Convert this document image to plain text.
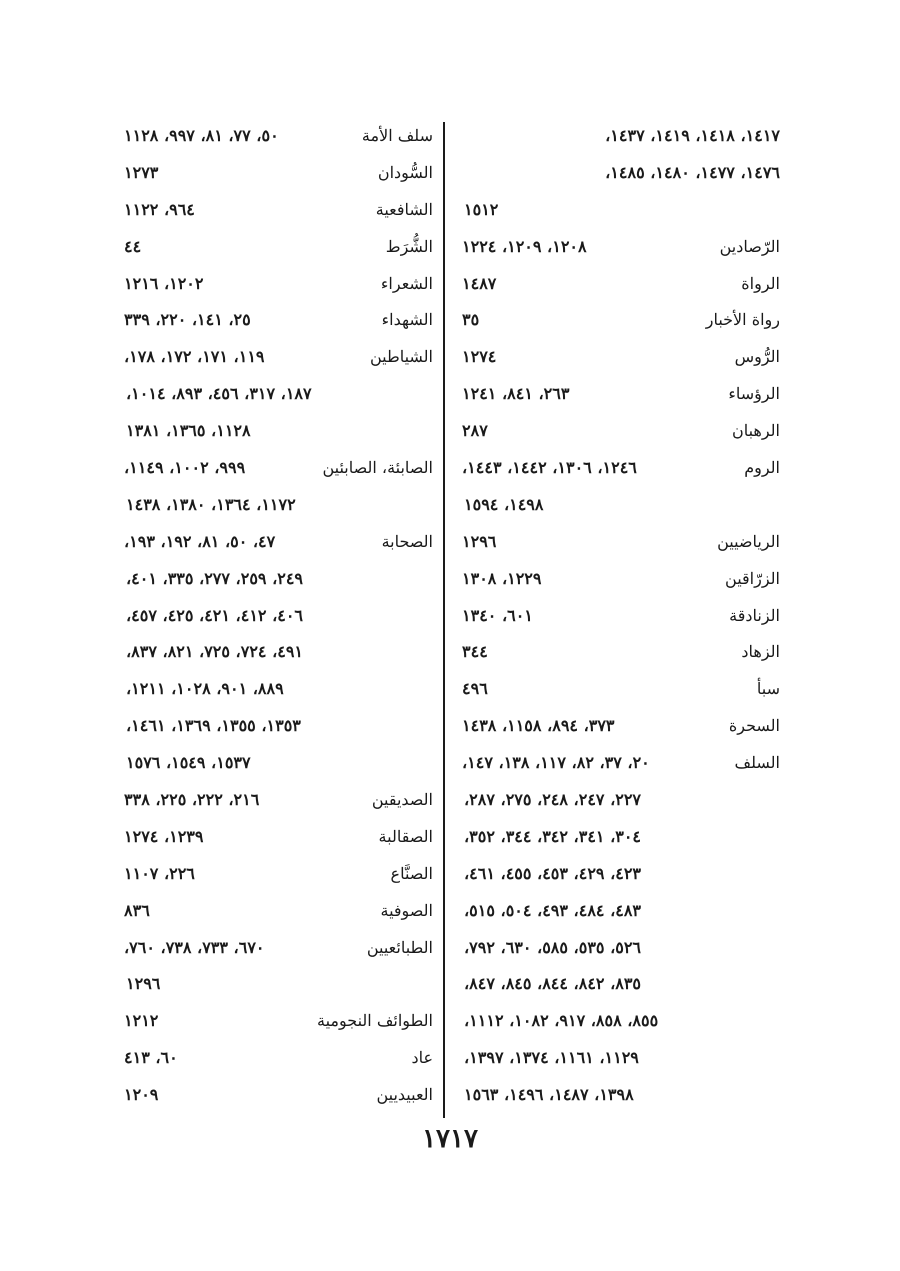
١٤١٧، ١٤١٨، ١٤١٩، ١٤٣٧،
١٤٧٦، ١٤٧٧، ١٤٨٠، ١٤٨٥،
١٥١٢
الرّصادين
١٢٠٨، ١٢٠٩، ١٢٢٤
الرواة
١٤٨٧
رواة الأخبار
٣٥
الرُّوس
١٢٧٤
الرؤساء
٢٦٣، ٨٤١، ١٢٤١
الرهبان
٢٨٧
الروم
١٢٤٦، ١٣٠٦، ١٤٤٢، ١٤٤٣،
١٤٩٨، ١٥٩٤
الرياضيين
١٢٩٦
الزرّاقين
١٢٢٩، ١٣٠٨
الزنادقة
٦٠١، ١٣٤٠
الزهاد
٣٤٤
سبأ
٤٩٦
السحرة
٣٧٣، ٨٩٤، ١١٥٨، ١٤٣٨
السلف
٢٠، ٣٧، ٨٢، ١١٧، ١٣٨، ١٤٧،
٢٢٧، ٢٤٧، ٢٤٨، ٢٧٥، ٢٨٧،
٣٠٤، ٣٤١، ٣٤٢، ٣٤٤، ٣٥٢،
٤٢٣، ٤٢٩، ٤٥٣، ٤٥٥، ٤٦١،
٤٨٣، ٤٨٤، ٤٩٣، ٥٠٤، ٥١٥،
٥٢٦، ٥٣٥، ٥٨٥، ٦٣٠، ٧٩٢،
٨٣٥، ٨٤٢، ٨٤٤، ٨٤٥، ٨٤٧،
٨٥٥، ٨٥٨، ٩١٧، ١٠٨٢، ١١١٢،
١١٢٩، ١١٦١، ١٣٧٤، ١٣٩٧،
١٣٩٨، ١٤٨٧، ١٤٩٦، ١٥٦٣
سلف الأمة
٥٠، ٧٧، ٨١، ٩٩٧، ١١٢٨
السُّودان
١٢٧٣
الشافعية
٩٦٤، ١١٢٢
الشُّرَط
٤٤
الشعراء
١٢٠٢، ١٢١٦
الشهداء
٢٥، ١٤١، ٢٢٠، ٣٣٩
الشياطين
١١٩، ١٧١، ١٧٢، ١٧٨،
١٨٧، ٣١٧، ٤٥٦، ٨٩٣، ١٠١٤،
١١٢٨، ١٣٦٥، ١٣٨١
الصابئة، الصابئين
٩٩٩، ١٠٠٢، ١١٤٩،
١١٧٢، ١٣٦٤، ١٣٨٠، ١٤٣٨
الصحابة
٤٧، ٥٠، ٨١، ١٩٢، ١٩٣،
٢٤٩، ٢٥٩، ٢٧٧، ٣٣٥، ٤٠١،
٤٠٦، ٤١٢، ٤٢١، ٤٢٥، ٤٥٧،
٤٩١، ٧٢٤، ٧٢٥، ٨٢١، ٨٣٧،
٨٨٩، ٩٠١، ١٠٢٨، ١٢١١،
١٣٥٣، ١٣٥٥، ١٣٦٩، ١٤٦١،
١٥٣٧، ١٥٤٩، ١٥٧٦
الصديقين
٢١٦، ٢٢٢، ٢٢٥، ٣٣٨
الصقالبة
١٢٣٩، ١٢٧٤
الصنَّاع
٢٢٦، ١١٠٧
الصوفية
٨٣٦
الطبائعيين
٦٧٠، ٧٣٣، ٧٣٨، ٧٦٠،
١٢٩٦
الطوائف النجومية
١٢١٢
عاد
٦٠، ٤١٣
العبيديين
١٢٠٩
١٧١٧
